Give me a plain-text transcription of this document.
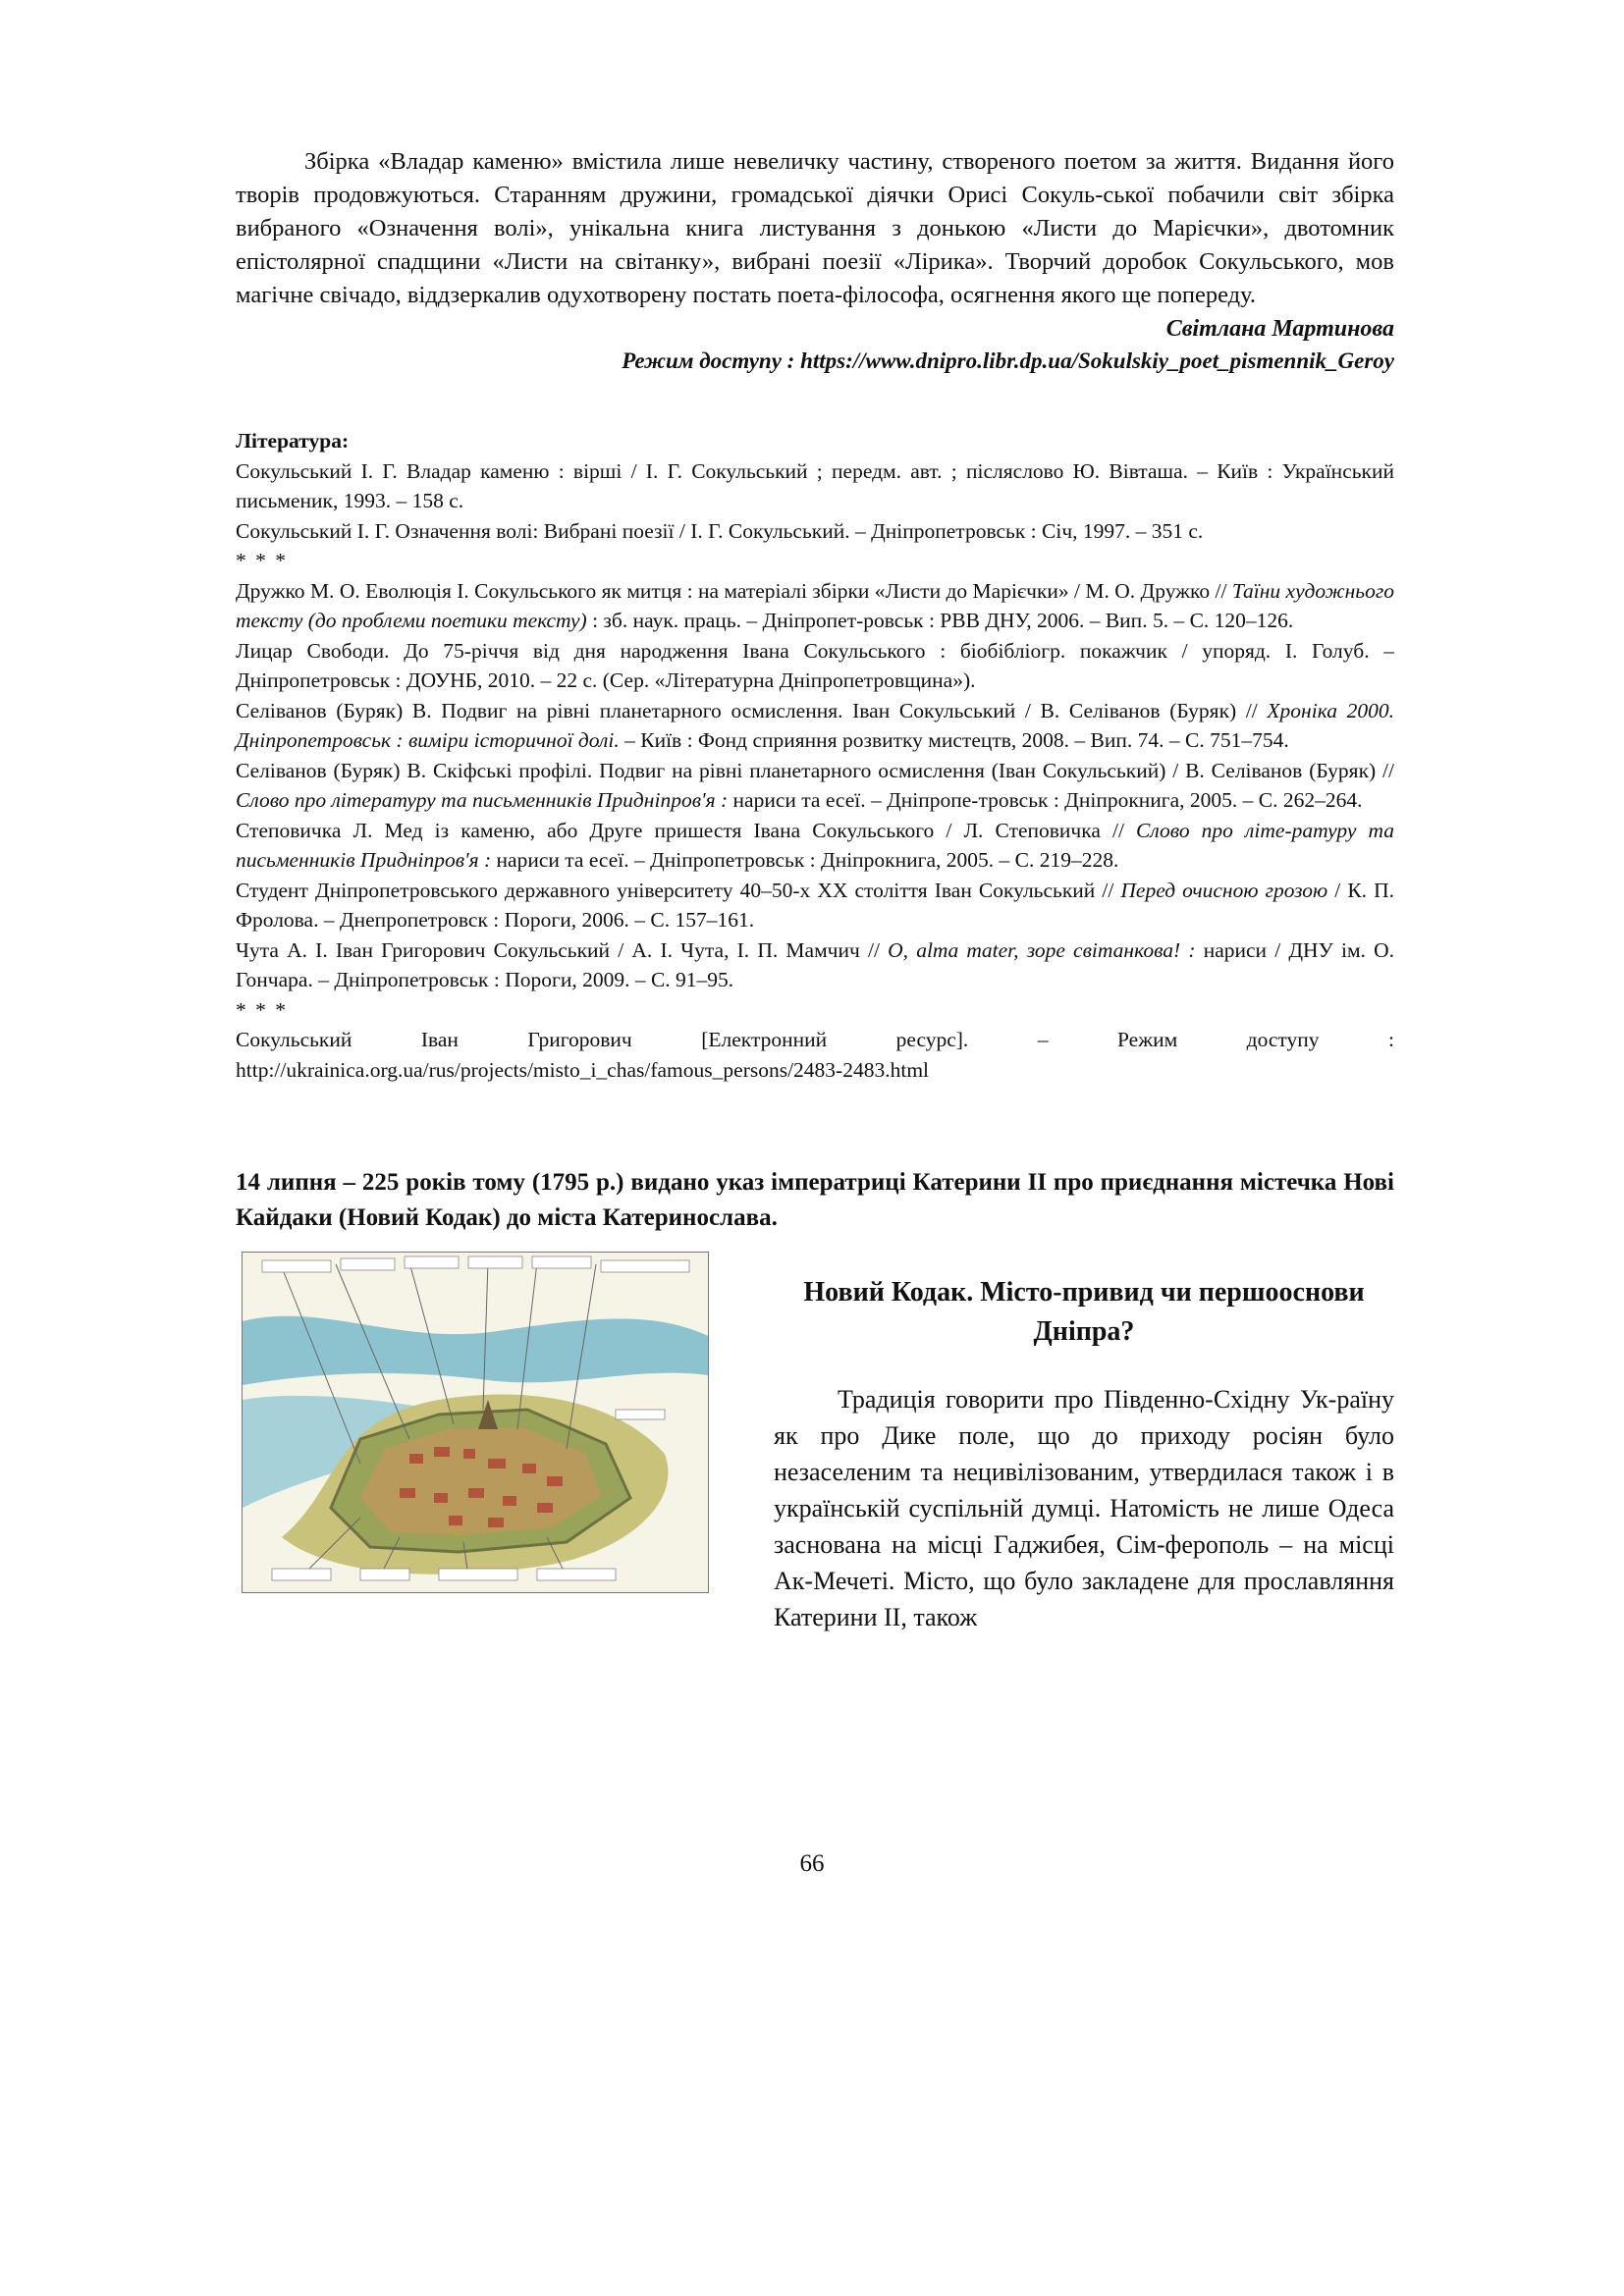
Збірка «Владар каменю» вмістила лише невеличку частину, створеного поетом за життя. Видання його творів продовжуються. Старанням дружини, громадської діячки Орисі Сокуль-ської побачили світ збірка вибраного «Означення волі», унікальна книга листування з донькою «Листи до Марієчки», двотомник епістолярної спадщини «Листи на світанку», вибрані поезії «Лірика». Творчий доробок Сокульського, мов магічне свічадо, віддзеркалив одухотворену постать поета-філософа, осягнення якого ще попереду.

Світлана Мартинова
Режим доступу : https://www.dnipro.libr.dp.ua/Sokulskiy_poet_pismennik_Geroy
Література:
Сокульський І. Г. Владар каменю : вірші / І. Г. Сокульський ; передм. авт. ; післяслово Ю. Вівташа. – Київ : Український письменик, 1993. – 158 с.
Сокульський І. Г. Означення волі: Вибрані поезії / І. Г. Сокульський. – Дніпропетровськ : Січ, 1997. – 351 с.
* * *
Дружко М. О. Еволюція І. Сокульського як митця : на матеріалі збірки «Листи до Марієчки» / М. О. Дружко // Таїни художнього тексту (до проблеми поетики тексту) : зб. наук. праць. – Дніпропет-ровськ : РВВ ДНУ, 2006. – Вип. 5. – С. 120–126.
Лицар Свободи. До 75-річчя від дня народження Івана Сокульського : біобібліогр. покажчик / упоряд. І. Голуб. – Дніпропетровськ : ДОУНБ, 2010. – 22 с. (Сер. «Літературна Дніпропетровщина»).
Селіванов (Буряк) В. Подвиг на рівні планетарного осмислення. Іван Сокульський / В. Селіванов (Буряк) // Хроніка 2000. Дніпропетровськ : виміри історичної долі. – Київ : Фонд сприяння розвитку мистецтв, 2008. – Вип. 74. – С. 751–754.
Селіванов (Буряк) В. Скіфські профілі. Подвиг на рівні планетарного осмислення (Іван Сокульський) / В. Селіванов (Буряк) // Слово про літературу та письменників Придніпров'я : нариси та есеї. – Дніпропе-тровськ : Дніпрокнига, 2005. – С. 262–264.
Степовичка Л. Мед із каменю, або Друге пришестя Івана Сокульського / Л. Степовичка // Слово про літе-ратуру та письменників Придніпров'я : нариси та есеї. – Дніпропетровськ : Дніпрокнига, 2005. – С. 219–228.
Студент Дніпропетровського державного університету 40–50-х ХХ століття Іван Сокульський // Перед очисною грозою / К. П. Фролова. – Днепропетровск : Пороги, 2006. – С. 157–161.
Чута А. І. Іван Григорович Сокульський / А. І. Чута, І. П. Мамчич // O, alma mater, зоре світанкова! : нариси / ДНУ ім. О. Гончара. – Дніпропетровськ : Пороги, 2009. – С. 91–95.
* * *
Сокульський Іван Григорович [Електронний ресурс]. – Режим доступу : http://ukrainica.org.ua/rus/projects/misto_i_chas/famous_persons/2483-2483.html
14 липня – 225 років тому (1795 р.) видано указ імператриці Катерини ІІ про приєднання містечка Нові Кайдаки (Новий Кодак) до міста Катеринослава.

Новий Кодак. Місто-привид чи першооснови Дніпра?

Традиція говорити про Південно-Східну Ук-раїну як про Дике поле, що до приходу росіян було незаселеним та нецивілізованим, утвердилася також і в українській суспільній думці. Натомість не лише Одеса заснована на місці Гаджибея, Сім-ферополь – на місці Ак-Мечеті. Місто, що було закладене для прославляння Катерини ІІ, також

66
